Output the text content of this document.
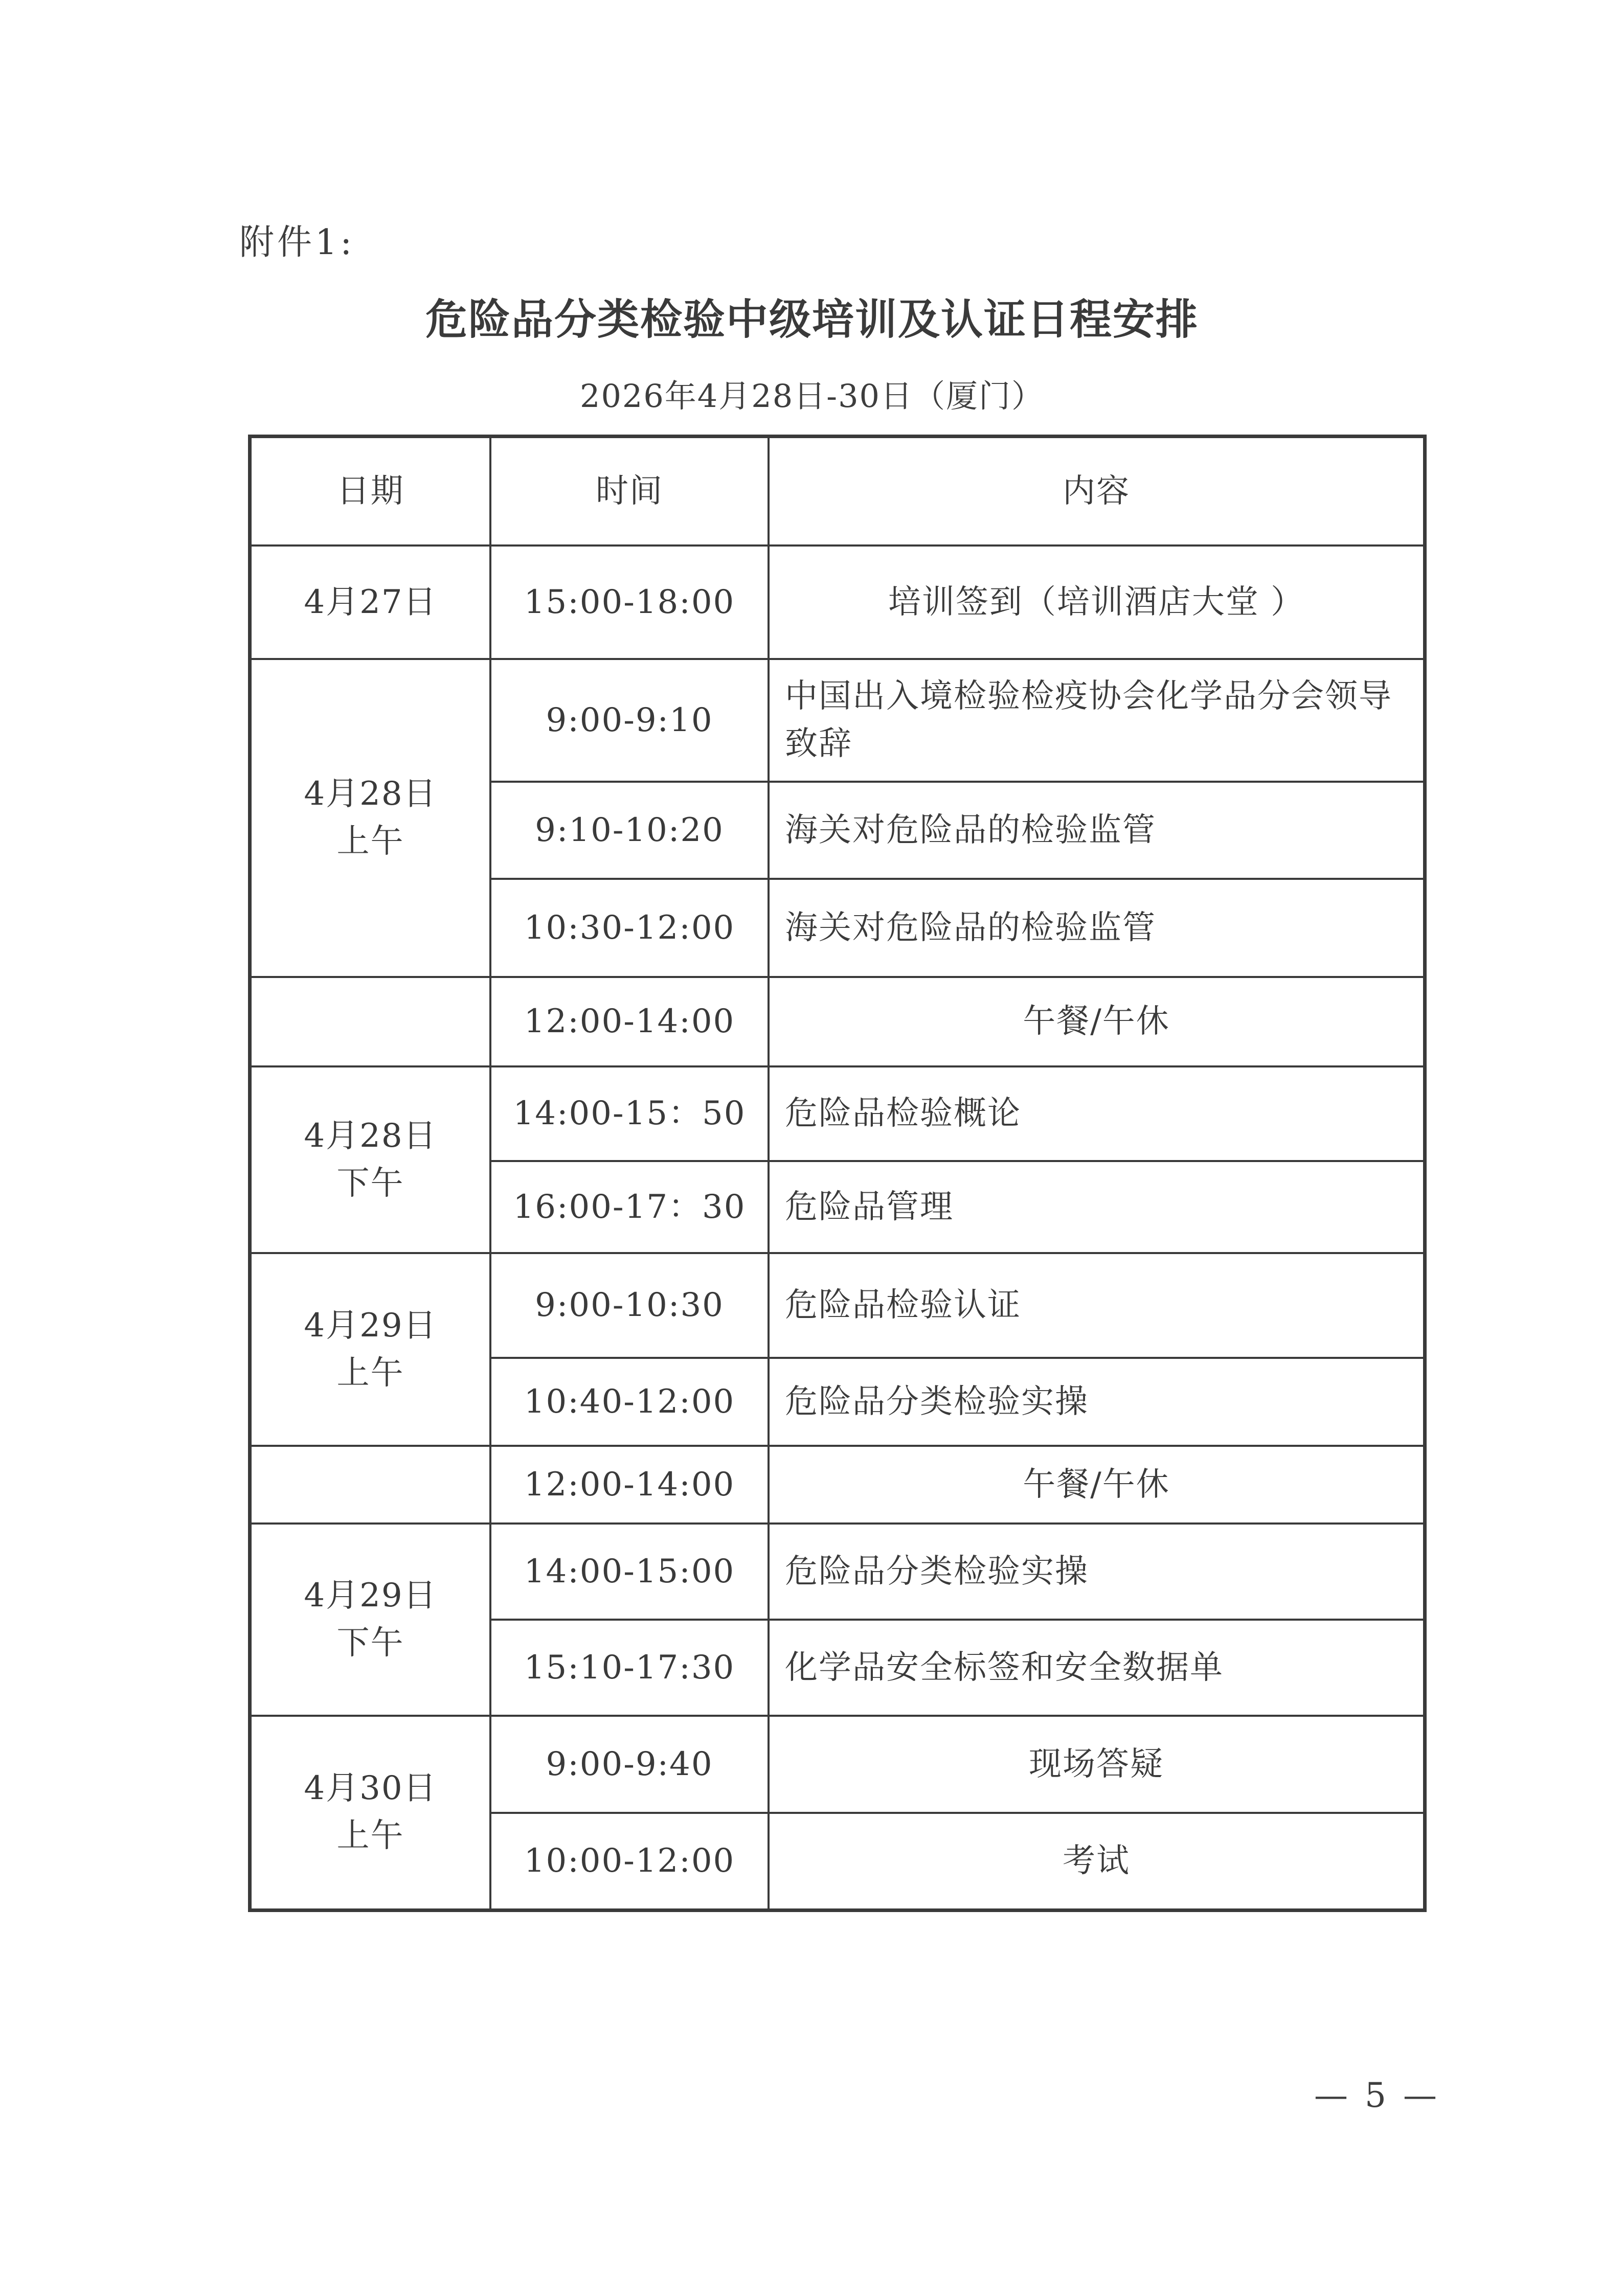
附件1:
危险品分类检验中级培训及认证日程安排
2026年4月28日-30日（厦门）
日期	时间	内容

4月27日	15:00-18:00	培训签到（培训酒店大堂 ）

4月28日
上午	9:00-9:10	中国出入境检验检疫协会化学品分会领导致辞
	9:10-10:20	海关对危险品的检验监管
	10:30-12:00	海关对危险品的检验监管

	12:00-14:00	午餐/午休

4月28日
下午	14:00-15：50	危险品检验概论
	16:00-17：30	危险品管理

4月29日
上午	9:00-10:30	危险品检验认证
	10:40-12:00	危险品分类检验实操

	12:00-14:00	午餐/午休

4月29日
下午	14:00-15:00	危险品分类检验实操
	15:10-17:30	化学品安全标签和安全数据单

4月30日
上午	9:00-9:40	现场答疑
	10:00-12:00	考试
— 5 —
